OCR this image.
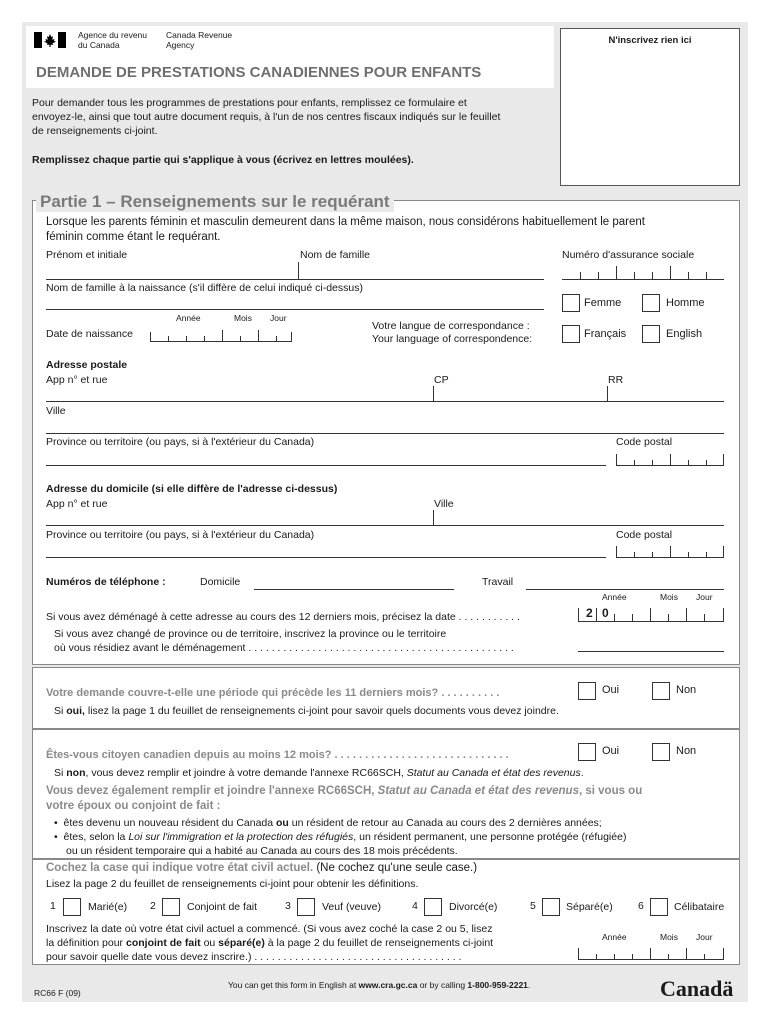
Agence du revenu
du Canada
Canada Revenue
Agency
DEMANDE DE PRESTATIONS CANADIENNES POUR ENFANTS
Pour demander tous les programmes de prestations pour enfants, remplissez ce formulaire et
envoyez-le, ainsi que tout autre document requis, à l'un de nos centres fiscaux indiqués sur le feuillet
de renseignements ci-joint.
Remplissez chaque partie qui s'applique à vous (écrivez en lettres moulées).
N'inscrivez rien ici
Partie 1 – Renseignements sur le requérant
Lorsque les parents féminin et masculin demeurent dans la même maison, nous considérons habituellement le parent
féminin comme étant le requérant.
Prénom et initiale	Nom de famille	Numéro d'assurance sociale
Nom de famille à la naissance (s'il diffère de celui indiqué ci-dessus)
Femme	Homme
Année	Mois Jour
Date de naissance
Votre langue de correspondance :
Your language of correspondence:	Français	English
Adresse postale
App n° et rue	CP	RR
Ville
Province ou territoire (ou pays, si à l'extérieur du Canada)	Code postal
Adresse du domicile (si elle diffère de l'adresse ci-dessus)
App n° et rue	Ville
Province ou territoire (ou pays, si à l'extérieur du Canada)	Code postal
Numéros de téléphone :	Domicile	Travail
Année	Mois Jour
Si vous avez déménagé à cette adresse au cours des 12 derniers mois, précisez la date . . . . . . . . . . .	2 0
Si vous avez changé de province ou de territoire, inscrivez la province ou le territoire
où vous résidiez avant le déménagement . . . . . . . . . . . . . . . . . . . . . . . . . . . . . . . . . . . . . . . . . . . . . .
Votre demande couvre-t-elle une période qui précède les 11 derniers mois? . . . . . . . . . .	Oui	Non
Si oui, lisez la page 1 du feuillet de renseignements ci-joint pour savoir quels documents vous devez joindre.
Êtes-vous citoyen canadien depuis au moins 12 mois? . . . . . . . . . . . . . . . . . . . . . . . . . . . . .	Oui	Non
Si non, vous devez remplir et joindre à votre demande l'annexe RC66SCH, Statut au Canada et état des revenus.
Vous devez également remplir et joindre l'annexe RC66SCH, Statut au Canada et état des revenus, si vous ou
votre époux ou conjoint de fait :
•  êtes devenu un nouveau résident du Canada ou un résident de retour au Canada au cours des 2 dernières années;
•  êtes, selon la Loi sur l'immigration et la protection des réfugiés, un résident permanent, une personne protégée (réfugiée)
ou un résident temporaire qui a habité au Canada au cours des 18 mois précédents.
Cochez la case qui indique votre état civil actuel. (Ne cochez qu'une seule case.)
Lisez la page 2 du feuillet de renseignements ci-joint pour obtenir les définitions.
1	Marié(e) 2	Conjoint de fait	3	Veuf (veuve)	4	Divorcé(e)	5	Séparé(e) 6	Célibataire
Inscrivez la date où votre état civil actuel a commencé. (Si vous avez coché la case 2 ou 5, lisez
la définition pour conjoint de fait ou séparé(e) à la page 2 du feuillet de renseignements ci-joint
pour savoir quelle date vous devez inscrire.) . . . . . . . . . . . . . . . . . . . . . . . . . . . . . . . . . . . .
Année	Mois Jour
RC66 F (09)
You can get this form in English at www.cra.gc.ca or by calling 1-800-959-2221.	Canadä
